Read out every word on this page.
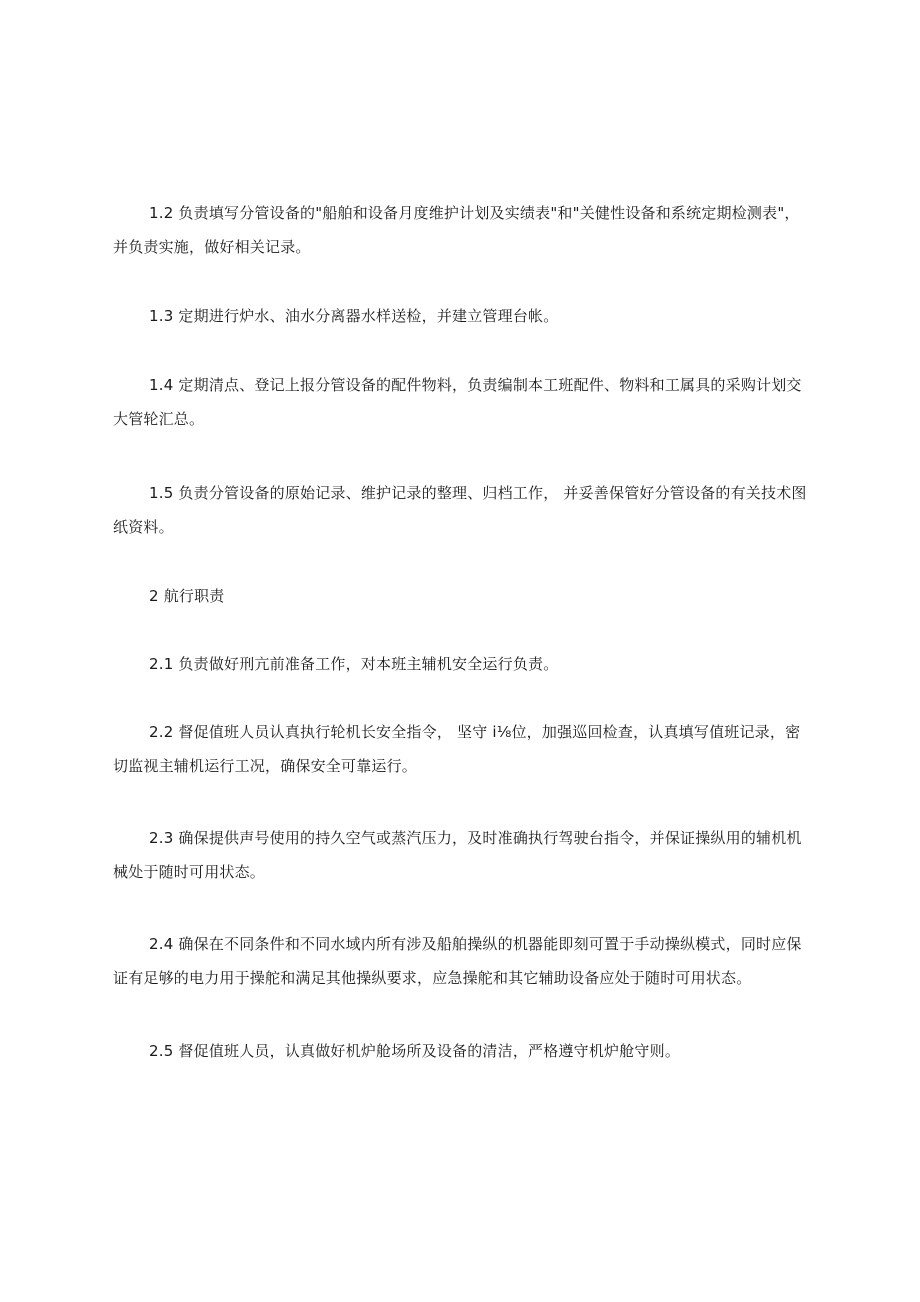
1.2 负责填写分管设备的"船舶和设备月度维护计划及实绩表"和"关健性设备和系统定期检测表"，并负责实施，做好相关记录。

1.3 定期进行炉水、油水分离器水样送检，并建立管理台帐。

1.4 定期清点、登记上报分管设备的配件物料，负责编制本工班配件、物料和工属具的采购计划交大管轮汇总。

1.5 负责分管设备的原始记录、维护记录的整理、归档工作， 并妥善保管好分管设备的有关技术图纸资料。

2 航行职责

2.1 负责做好刑亢前准备工作，对本班主辅机安全运行负责。

2.2 督促值班人员认真执行轮机长安全指令， 坚守 i⅛位，加强巡回检查，认真填写值班记录，密切监视主辅机运行工况，确保安全可靠运行。

2.3 确保提供声号使用的持久空气或蒸汽压力，及时准确执行驾驶台指令，并保证操纵用的辅机机械处于随时可用状态。

2.4 确保在不同条件和不同水域内所有涉及船舶操纵的机器能即刻可置于手动操纵模式，同时应保证有足够的电力用于操舵和满足其他操纵要求，应急操舵和其它辅助设备应处于随时可用状态。

2.5 督促值班人员，认真做好机炉舱场所及设备的清洁，严格遵守机炉舱守则。
